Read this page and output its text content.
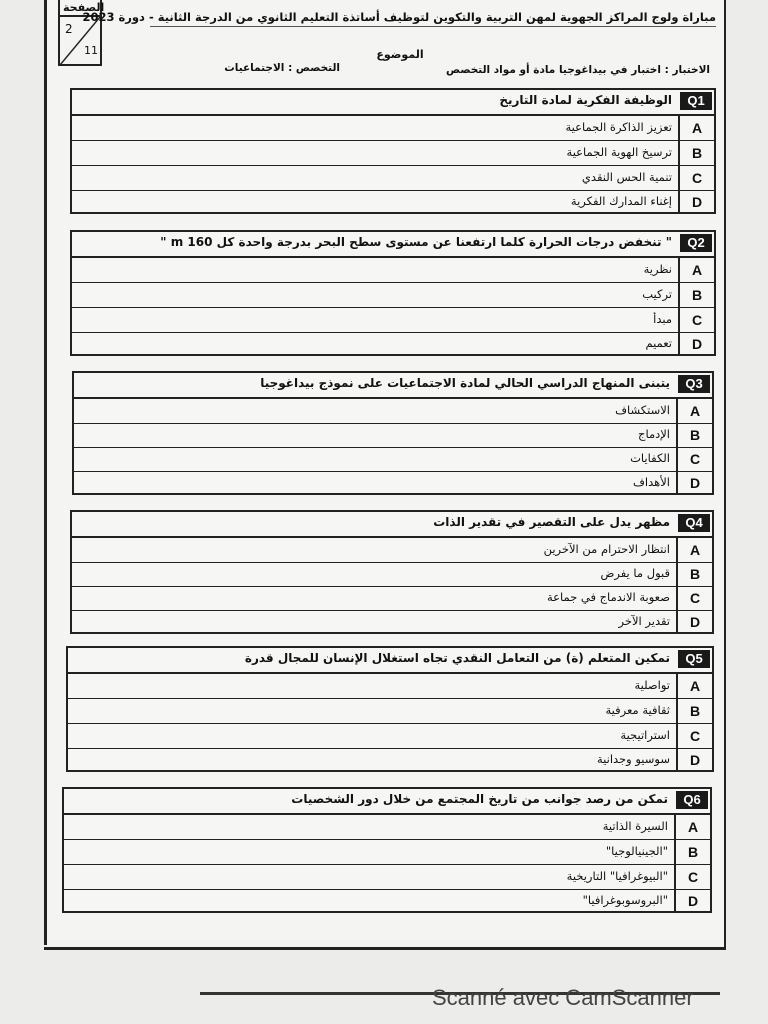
الصفحة
2
11
مباراة ولوج المراكز الجهوية لمهن التربية والتكوين لتوظيف أساتذة التعليم الثانوي من الدرجة الثانية - دورة 2023
الموضوع
الاختبار : اختبار في بيداغوجيا مادة أو مواد التخصص
التخصص : الاجتماعيات
الوظيفة الفكرية لمادة التاريخ	Q1
تعزيز الذاكرة الجماعية	A
ترسيخ الهوية الجماعية	B
تنمية الحس النقدي	C
إغناء المدارك الفكرية	D
" تنخفض درجات الحرارة كلما ارتفعنا عن مستوى سطح البحر بدرجة واحدة كل 160 m "	Q2
نظرية	A
تركيب	B
مبدأ	C
تعميم	D
يتبنى المنهاج الدراسي الحالي لمادة الاجتماعيات على نموذج بيداغوجيا	Q3
الاستكشاف	A
الإدماج	B
الكفايات	C
الأهداف	D
مظهر يدل على التقصير في تقدير الذات	Q4
انتظار الاحترام من الآخرين	A
قبول ما يفرض	B
صعوبة الاندماج في جماعة	C
تقدير الآخر	D
تمكين المتعلم (ة) من التعامل النقدي تجاه استغلال الإنسان للمجال قدرة	Q5
تواصلية	A
ثقافية معرفية	B
استراتيجية	C
سوسيو وجدانية	D
تمكن من رصد جوانب من تاريخ المجتمع من خلال دور الشخصيات	Q6
السيرة الذاتية	A
"الجينيالوجيا"	B
"البيوغرافيا" التاريخية	C
"البروسوبوغرافيا"	D
Scanné avec CamScanner
